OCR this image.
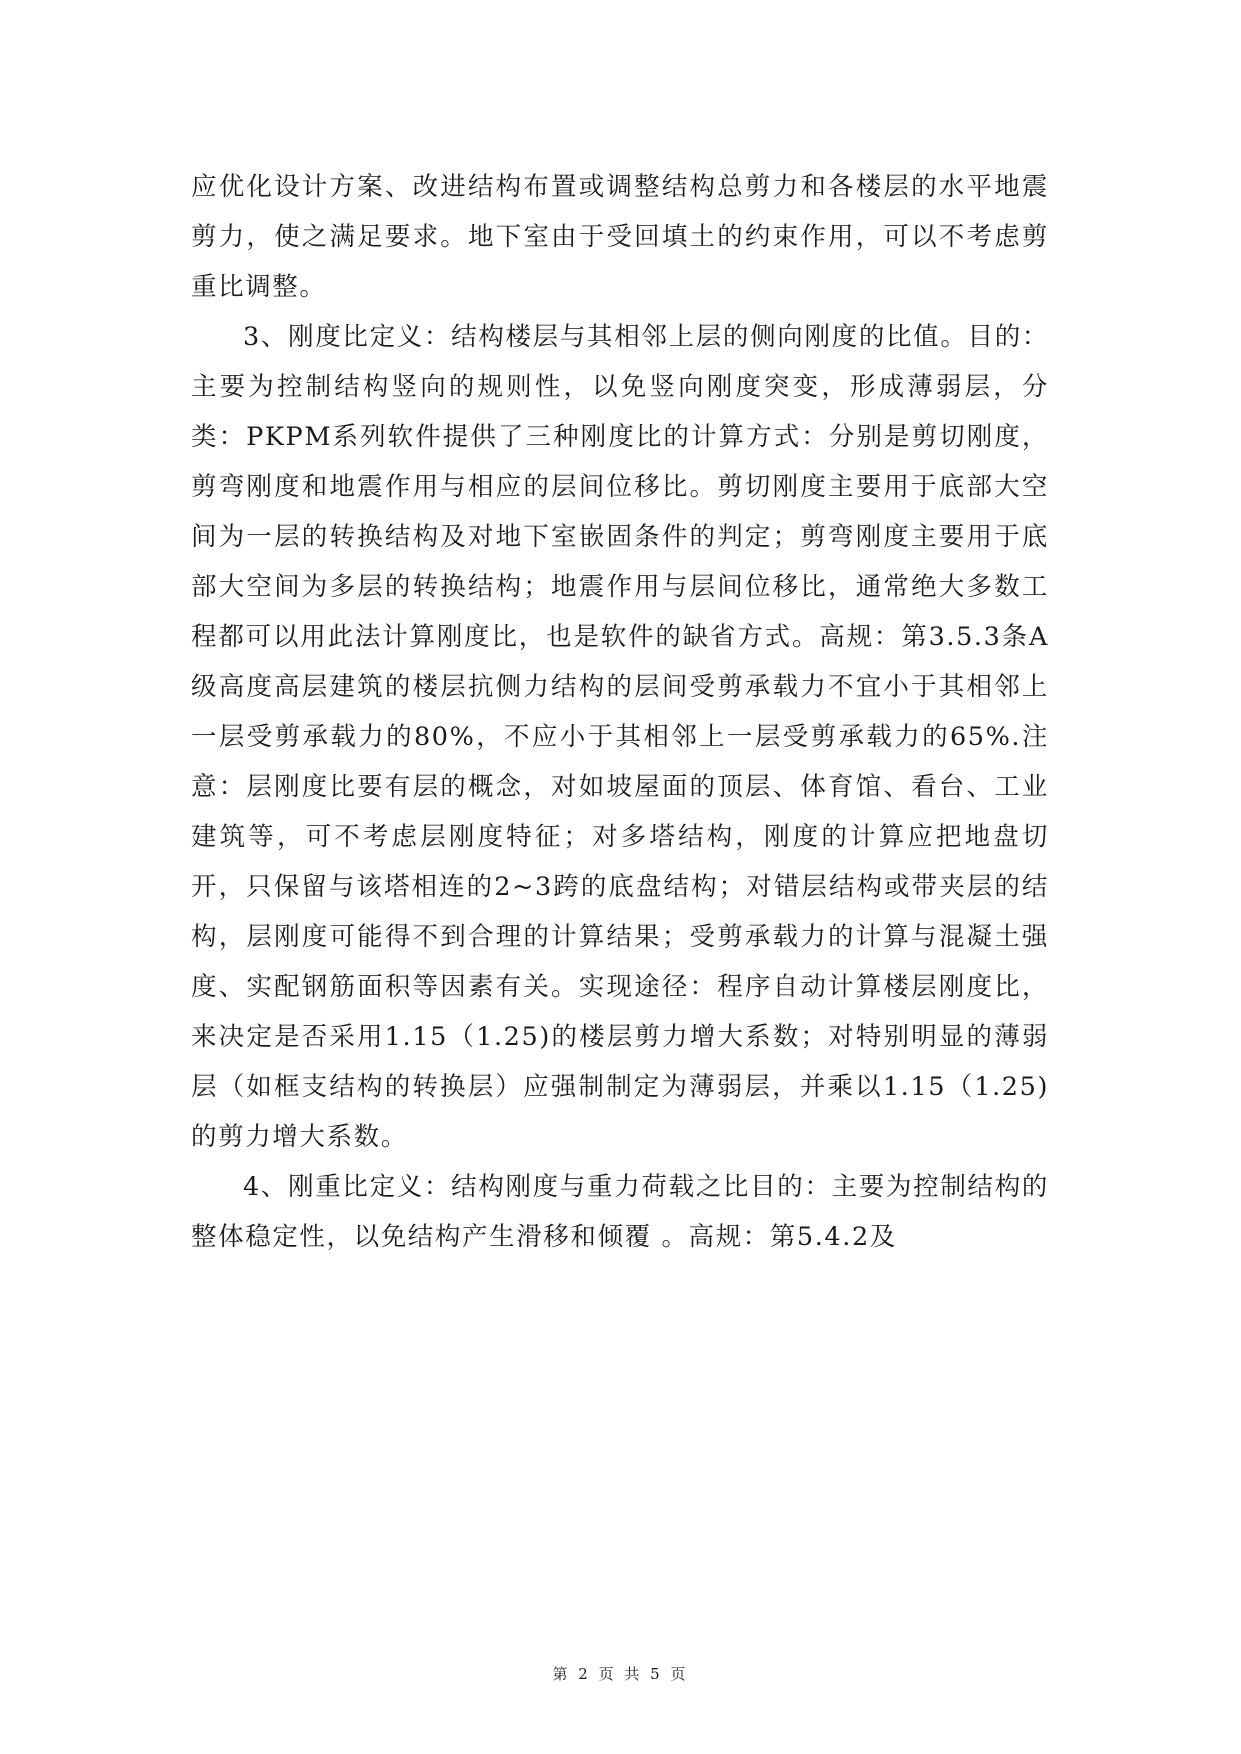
应优化设计方案、改进结构布置或调整结构总剪力和各楼层的水平地震剪力，使之满足要求。地下室由于受回填土的约束作用，可以不考虑剪重比调整。

3、刚度比定义：结构楼层与其相邻上层的侧向刚度的比值。目的：主要为控制结构竖向的规则性，以免竖向刚度突变，形成薄弱层，分类：PKPM系列软件提供了三种刚度比的计算方式：分别是剪切刚度，剪弯刚度和地震作用与相应的层间位移比。剪切刚度主要用于底部大空间为一层的转换结构及对地下室嵌固条件的判定；剪弯刚度主要用于底部大空间为多层的转换结构；地震作用与层间位移比，通常绝大多数工程都可以用此法计算刚度比，也是软件的缺省方式。高规：第3.5.3条A级高度高层建筑的楼层抗侧力结构的层间受剪承载力不宜小于其相邻上一层受剪承载力的80%，不应小于其相邻上一层受剪承载力的65%.注意：层刚度比要有层的概念，对如坡屋面的顶层、体育馆、看台、工业建筑等，可不考虑层刚度特征；对多塔结构，刚度的计算应把地盘切开，只保留与该塔相连的2~3跨的底盘结构；对错层结构或带夹层的结构，层刚度可能得不到合理的计算结果；受剪承载力的计算与混凝土强度、实配钢筋面积等因素有关。实现途径：程序自动计算楼层刚度比，来决定是否采用1.15（1.25)的楼层剪力增大系数；对特别明显的薄弱层（如框支结构的转换层）应强制制定为薄弱层，并乘以1.15（1.25)的剪力增大系数。

4、刚重比定义：结构刚度与重力荷载之比目的：主要为控制结构的整体稳定性，以免结构产生滑移和倾覆 。高规：第5.4.2及

第 2 页 共 5 页
